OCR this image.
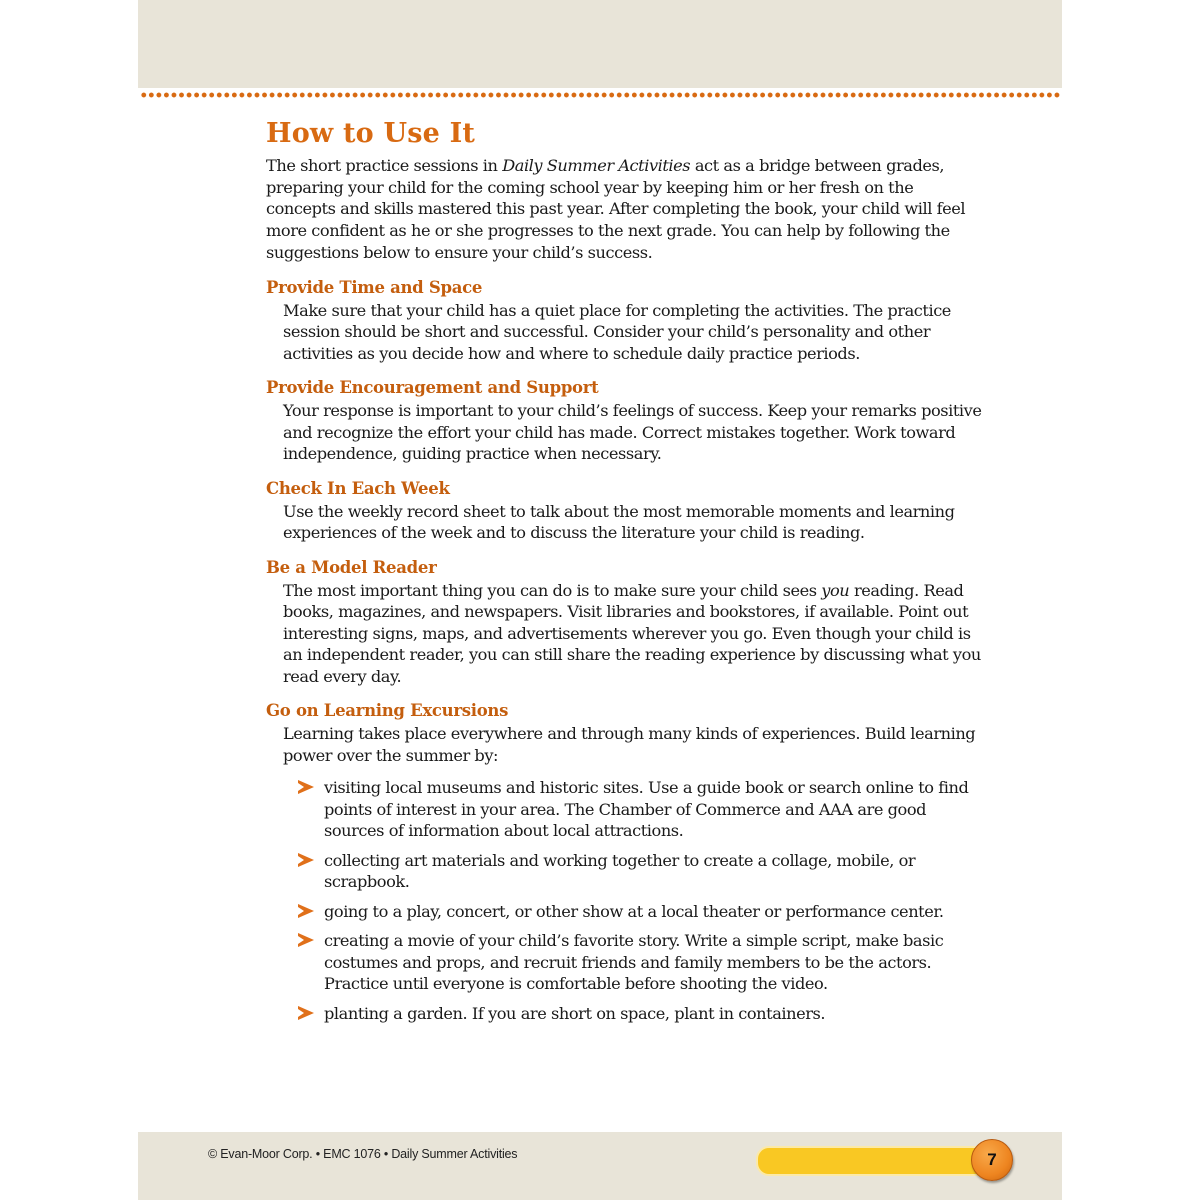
How to Use It

The short practice sessions in Daily Summer Activities act as a bridge between grades, preparing your child for the coming school year by keeping him or her fresh on the concepts and skills mastered this past year. After completing the book, your child will feel more confident as he or she progresses to the next grade. You can help by following the suggestions below to ensure your child’s success.

Provide Time and Space

Make sure that your child has a quiet place for completing the activities. The practice session should be short and successful. Consider your child’s personality and other activities as you decide how and where to schedule daily practice periods.

Provide Encouragement and Support

Your response is important to your child’s feelings of success. Keep your remarks positive and recognize the effort your child has made. Correct mistakes together. Work toward independence, guiding practice when necessary.

Check In Each Week

Use the weekly record sheet to talk about the most memorable moments and learning experiences of the week and to discuss the literature your child is reading.

Be a Model Reader

The most important thing you can do is to make sure your child sees you reading. Read books, magazines, and newspapers. Visit libraries and bookstores, if available. Point out interesting signs, maps, and advertisements wherever you go. Even though your child is an independent reader, you can still share the reading experience by discussing what you read every day.

Go on Learning Excursions

Learning takes place everywhere and through many kinds of experiences. Build learning power over the summer by:

visiting local museums and historic sites. Use a guide book or search online to find points of interest in your area. The Chamber of Commerce and AAA are good sources of information about local attractions.
collecting art materials and working together to create a collage, mobile, or scrapbook.
going to a play, concert, or other show at a local theater or performance center.
creating a movie of your child’s favorite story. Write a simple script, make basic costumes and props, and recruit friends and family members to be the actors. Practice until everyone is comfortable before shooting the video.
planting a garden. If you are short on space, plant in containers.
© Evan-Moor Corp. • EMC 1076 • Daily Summer Activities	7
